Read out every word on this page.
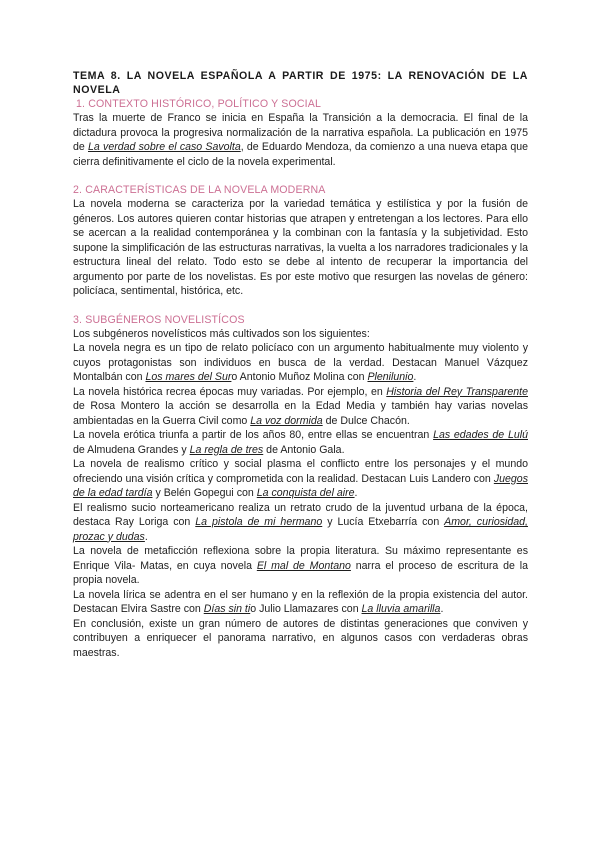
TEMA 8. LA NOVELA ESPAÑOLA A PARTIR DE 1975: LA RENOVACIÓN DE LA NOVELA
1. CONTEXTO HISTÓRICO, POLÍTICO Y SOCIAL

Tras la muerte de Franco se inicia en España la Transición a la democracia. El final de la dictadura provoca la progresiva normalización de la narrativa española. La publicación en 1975 de La verdad sobre el caso Savolta, de Eduardo Mendoza, da comienzo a una nueva etapa que cierra definitivamente el ciclo de la novela experimental.

2. CARACTERÍSTICAS DE LA NOVELA MODERNA

La novela moderna se caracteriza por la variedad temática y estilística y por la fusión de géneros. Los autores quieren contar historias que atrapen y entretengan a los lectores. Para ello se acercan a la realidad contemporánea y la combinan con la fantasía y la subjetividad. Esto supone la simplificación de las estructuras narrativas, la vuelta a los narradores tradicionales y la estructura lineal del relato. Todo esto se debe al intento de recuperar la importancia del argumento por parte de los novelistas. Es por este motivo que resurgen las novelas de género: policíaca, sentimental, histórica, etc.

3. SUBGÉNEROS NOVELISTÍCOS

Los subgéneros novelísticos más cultivados son los siguientes:

La novela negra es un tipo de relato policíaco con un argumento habitualmente muy violento y cuyos protagonistas son individuos en busca de la verdad. Destacan Manuel Vázquez Montalbán con Los mares del Suro Antonio Muñoz Molina con Plenilunio.

La novela histórica recrea épocas muy variadas. Por ejemplo, en Historia del Rey Transparente de Rosa Montero la acción se desarrolla en la Edad Media y también hay varias novelas ambientadas en la Guerra Civil como La voz dormida de Dulce Chacón.

La novela erótica triunfa a partir de los años 80, entre ellas se encuentran Las edades de Lulú de Almudena Grandes y La regla de tres de Antonio Gala.

La novela de realismo crítico y social plasma el conflicto entre los personajes y el mundo ofreciendo una visión crítica y comprometida con la realidad. Destacan Luis Landero con Juegos de la edad tardía y Belén Gopegui con La conquista del aire.

El realismo sucio norteamericano realiza un retrato crudo de la juventud urbana de la época, destaca Ray Loriga con La pistola de mi hermano y Lucía Etxebarría con Amor, curiosidad, prozac y dudas.

La novela de metaficción reflexiona sobre la propia literatura. Su máximo representante es Enrique Vila- Matas, en cuya novela El mal de Montano narra el proceso de escritura de la propia novela.

La novela lírica se adentra en el ser humano y en la reflexión de la propia existencia del autor. Destacan Elvira Sastre con Días sin tio Julio Llamazares con La lluvia amarilla.

En conclusión, existe un gran número de autores de distintas generaciones que conviven y contribuyen a enriquecer el panorama narrativo, en algunos casos con verdaderas obras maestras.
